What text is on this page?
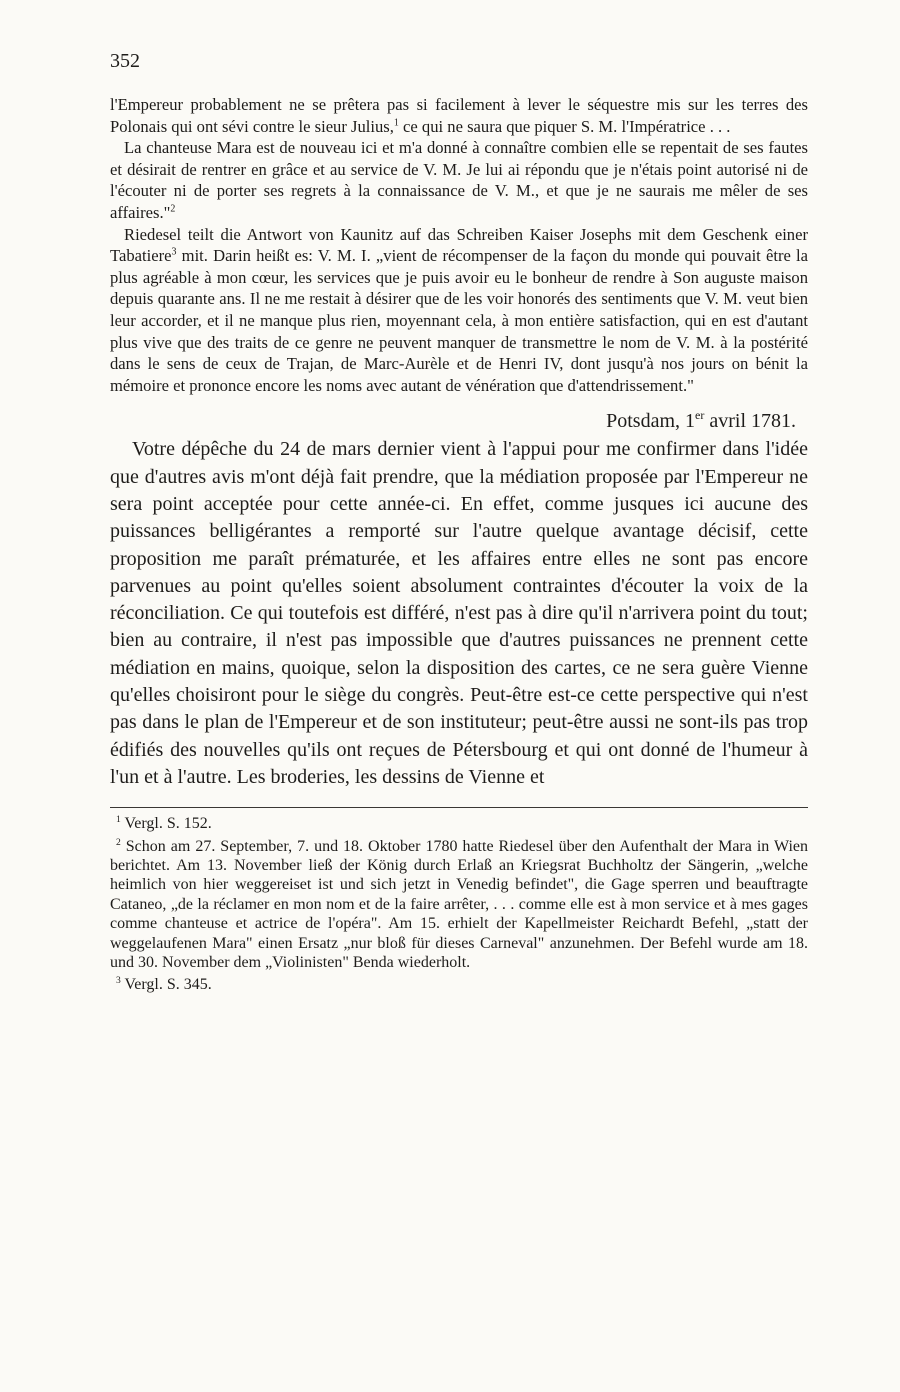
352

l'Empereur probablement ne se prêtera pas si facilement à lever le séquestre mis sur les terres des Polonais qui ont sévi contre le sieur Julius,$^1$ ce qui ne saura que piquer S. M. l'Impératrice . . .

La chanteuse Mara est de nouveau ici et m'a donné à connaître combien elle se repentait de ses fautes et désirait de rentrer en grâce et au service de V. M. Je lui ai répondu que je n'étais point autorisé ni de l'écouter ni de porter ses regrets à la connaissance de V. M., et que je ne saurais me mêler de ses affaires."$^2$

Riedesel teilt die Antwort von Kaunitz auf das Schreiben Kaiser Josephs mit dem Geschenk einer Tabatiere$^3$ mit. Darin heißt es: V. M. I. „vient de récompenser de la façon du monde qui pouvait être la plus agréable à mon cœur, les services que je puis avoir eu le bonheur de rendre à Son auguste maison depuis quarante ans. Il ne me restait à désirer que de les voir honorés des sentiments que V. M. veut bien leur accorder, et il ne manque plus rien, moyennant cela, à mon entière satisfaction, qui en est d'autant plus vive que des traits de ce genre ne peuvent manquer de transmettre le nom de V. M. à la postérité dans le sens de ceux de Trajan, de Marc-Aurèle et de Henri IV, dont jusqu'à nos jours on bénit la mémoire et prononce encore les noms avec autant de vénération que d'attendrissement."

Potsdam, 1er avril 1781.

Votre dépêche du 24 de mars dernier vient à l'appui pour me confirmer dans l'idée que d'autres avis m'ont déjà fait prendre, que la médiation proposée par l'Empereur ne sera point acceptée pour cette année-ci. En effet, comme jusques ici aucune des puissances belligérantes a remporté sur l'autre quelque avantage décisif, cette proposition me paraît prématurée, et les affaires entre elles ne sont pas encore parvenues au point qu'elles soient absolument contraintes d'écouter la voix de la réconciliation. Ce qui toutefois est différé, n'est pas à dire qu'il n'arrivera point du tout; bien au contraire, il n'est pas impossible que d'autres puissances ne prennent cette médiation en mains, quoique, selon la disposition des cartes, ce ne sera guère Vienne qu'elles choisiront pour le siège du congrès. Peut-être est-ce cette perspective qui n'est pas dans le plan de l'Empereur et de son instituteur; peut-être aussi ne sont-ils pas trop édifiés des nouvelles qu'ils ont reçues de Pétersbourg et qui ont donné de l'humeur à l'un et à l'autre. Les broderies, les dessins de Vienne et

$^1$ Vergl. S. 152.

$^2$ Schon am 27. September, 7. und 18. Oktober 1780 hatte Riedesel über den Aufenthalt der Mara in Wien berichtet. Am 13. November ließ der König durch Erlaß an Kriegsrat Buchholtz der Sängerin, „welche heimlich von hier weggereiset ist und sich jetzt in Venedig befindet", die Gage sperren und beauftragte Cataneo, „de la réclamer en mon nom et de la faire arrêter, . . . comme elle est à mon service et à mes gages comme chanteuse et actrice de l'opéra". Am 15. erhielt der Kapellmeister Reichardt Befehl, „statt der weggelaufenen Mara" einen Ersatz „nur bloß für dieses Carneval" anzunehmen. Der Befehl wurde am 18. und 30. November dem „Violinisten" Benda wiederholt.

$^3$ Vergl. S. 345.
